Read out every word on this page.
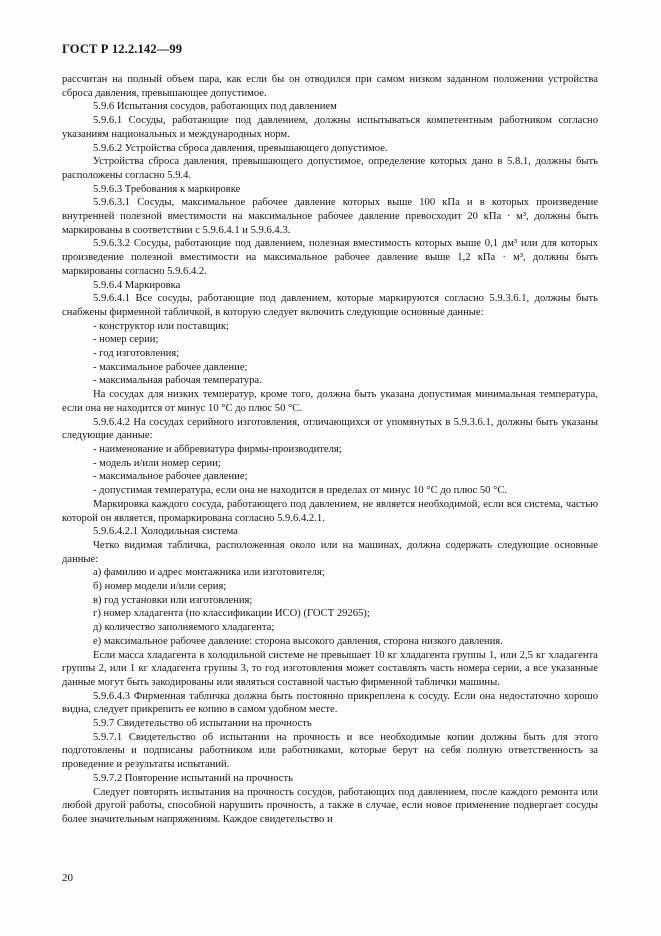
ГОСТ Р 12.2.142—99

рассчитан на полный объем пара, как если бы он отводился при самом низком заданном положении устройства сброса давления, превышающее допустимое.

5.9.6 Испытания сосудов, работающих под давлением

5.9.6.1 Сосуды, работающие под давлением, должны испытываться компетентным работником согласно указаниям национальных и международных норм.

5.9.6.2 Устройства сброса давления, превышающего допустимое.

Устройства сброса давления, превышающего допустимое, определение которых дано в 5.8.1, должны быть расположены согласно 5.9.4.

5.9.6.3 Требования к маркировке

5.9.6.3.1 Сосуды, максимальное рабочее давление которых выше 100 кПа и в которых произведение внутренней полезной вместимости на максимальное рабочее давление превосходит 20 кПа · м³, должны быть маркированы в соответствии с 5.9.6.4.1 и 5.9.6.4.3.

5.9.6.3.2 Сосуды, работающие под давлением, полезная вместимость которых выше 0,1 дм³ или для которых произведение полезной вместимости на максимальное рабочее давление выше 1,2 кПа · м³, должны быть маркированы согласно 5.9.6.4.2.

5.9.6.4 Маркировка

5.9.6.4.1 Все сосуды, работающие под давлением, которые маркируются согласно 5.9.3.6.1, должны быть снабжены фирменной табличкой, в которую следует включить следующие основные данные:

- конструктор или поставщик;

- номер серии;

- год изготовления;

- максимальное рабочее давление;

- максимальная рабочая температура.

На сосудах для низких температур, кроме того, должна быть указана допустимая минимальная температура, если она не находится от минус 10 °С до плюс 50 °С.

5.9.6.4.2 На сосудах серийного изготовления, отличающихся от упомянутых в 5.9.3.6.1, должны быть указаны следующие данные:

- наименование и аббревиатура фирмы-производителя;

- модель и/или номер серии;

- максимальное рабочее давление;

- допустимая температура, если она не находится в пределах от минус 10 °С до плюс 50 °С.

Маркировка каждого сосуда, работающего под давлением, не является необходимой, если вся система, частью которой он является, промаркирована согласно 5.9.6.4.2.1.

5.9.6.4.2.1 Холодильная система

Четко видимая табличка, расположенная около или на машинах, должна содержать следующие основные данные:

а) фамилию и адрес монтажника или изготовителя;

б) номер модели и/или серия;

в) год установки или изготовления;

г) номер хладагента (по классификации ИСО) (ГОСТ 29265);

д) количество заполняемого хладагента;

е) максимальное рабочее давление: сторона высокого давления, сторона низкого давления.

Если масса хладагента в холодильной системе не превышает 10 кг хладагента группы 1, или 2,5 кг хладагента группы 2, или 1 кг хладагента группы 3, то год изготовления может составлять часть номера серии, а все указанные данные могут быть закодированы или являться составной частью фирменной таблички машины.

5.9.6.4.3 Фирменная табличка должна быть постоянно прикреплена к сосуду. Если она недостаточно хорошо видна, следует прикрепить ее копию в самом удобном месте.

5.9.7 Свидетельство об испытании на прочность

5.9.7.1 Свидетельство об испытании на прочность и все необходимые копии должны быть для этого подготовлены и подписаны работником или работниками, которые берут на себя полную ответственность за проведение и результаты испытаний.

5.9.7.2 Повторение испытаний на прочность

Следует повторять испытания на прочность сосудов, работающих под давлением, после каждого ремонта или любой другой работы, способной нарушить прочность, а также в случае, если новое применение подвергает сосуды более значительным напряжениям. Каждое свидетельство и

20
